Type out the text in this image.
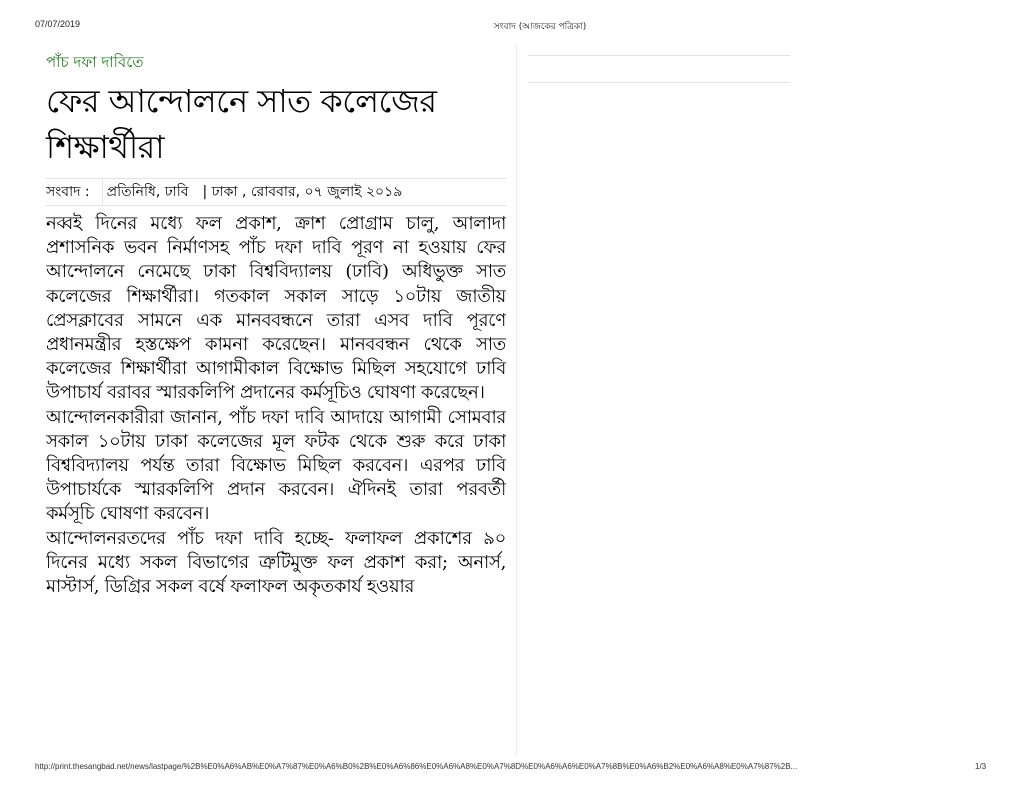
07/07/2019	সংবাদ (আজকের পত্রিকা)

পাঁচ দফা দাবিতে

ফের আন্দোলনে সাত কলেজের শিক্ষার্থীরা
সংবাদ :	প্রতিনিধি, ঢাবি	| ঢাকা , রোববার, ০৭ জুলাই ২০১৯

নব্বই দিনের মধ্যে ফল প্রকাশ, ক্রাশ প্রোগ্রাম চালু, আলাদা প্রশাসনিক ভবন নির্মাণসহ পাঁচ দফা দাবি পূরণ না হওয়ায় ফের আন্দোলনে নেমেছে ঢাকা বিশ্ববিদ্যালয় (ঢাবি) অধিভুক্ত সাত কলেজের শিক্ষার্থীরা। গতকাল সকাল সাড়ে ১০টায় জাতীয় প্রেসক্লাবের সামনে এক মানববন্ধনে তারা এসব দাবি পূরণে প্রধানমন্ত্রীর হস্তক্ষেপ কামনা করেছেন। মানববন্ধন থেকে সাত কলেজের শিক্ষার্থীরা আগামীকাল বিক্ষোভ মিছিল সহযোগে ঢাবি উপাচার্য বরাবর স্মারকলিপি প্রদানের কর্মসূচিও ঘোষণা করেছেন।

আন্দোলনকারীরা জানান, পাঁচ দফা দাবি আদায়ে আগামী সোমবার সকাল ১০টায় ঢাকা কলেজের মূল ফটক থেকে শুরু করে ঢাকা বিশ্ববিদ্যালয় পর্যন্ত তারা বিক্ষোভ মিছিল করবেন। এরপর ঢাবি উপাচার্যকে স্মারকলিপি প্রদান করবেন। ঐদিনই তারা পরবর্তী কর্মসূচি ঘোষণা করবেন।

আন্দোলনরতদের পাঁচ দফা দাবি হচ্ছে- ফলাফল প্রকাশের ৯০ দিনের মধ্যে সকল বিভাগের ত্রুটিমুক্ত ফল প্রকাশ করা; অনার্স, মাস্টার্স, ডিগ্রির সকল বর্ষে ফলাফল অকৃতকার্য হওয়ার

http://print.thesangbad.net/news/lastpage/%2B%E0%A6%AB%E0%A7%87%E0%A6%B0%2B%E0%A6%86%E0%A6%A8%E0%A7%8D%E0%A6%A6%E0%A7%8B%E0%A6%B2%E0%A6%A8%E0%A7%87%2B...	1/3
